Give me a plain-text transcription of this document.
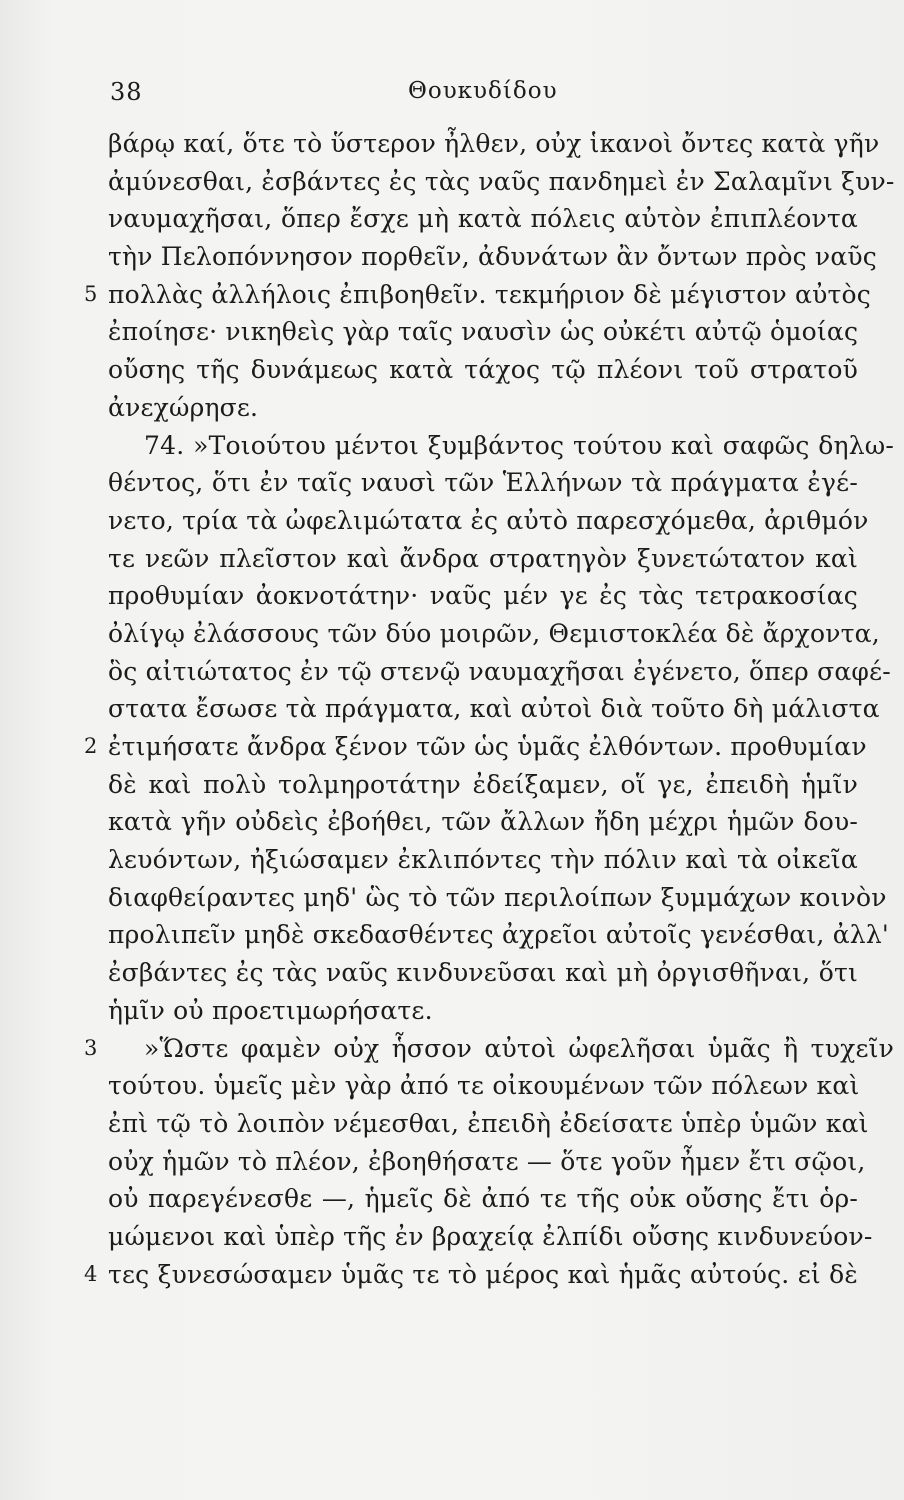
38	Θουκυδίδου
βάρῳ καί, ὅτε τὸ ὕστερον ἦλθεν, οὐχ ἱκανοὶ ὄντες κατὰ γῆν
ἀμύνεσθαι, ἐσβάντες ἐς τὰς ναῦς πανδημεὶ ἐν Σαλαμῖνι ξυν-
ναυμαχῆσαι, ὅπερ ἔσχε μὴ κατὰ πόλεις αὐτὸν ἐπιπλέοντα
τὴν Πελοπόννησον πορθεῖν, ἀδυνάτων ἂν ὄντων πρὸς ναῦς
5 πολλὰς ἀλλήλοις ἐπιβοηθεῖν. τεκμήριον δὲ μέγιστον αὐτὸς
ἐποίησε· νικηθεὶς γὰρ ταῖς ναυσὶν ὡς οὐκέτι αὐτῷ ὁμοίας
οὔσης τῆς δυνάμεως κατὰ τάχος τῷ πλέονι τοῦ στρατοῦ
ἀνεχώρησε.
74. »Τοιούτου μέντοι ξυμβάντος τούτου καὶ σαφῶς δηλω-
θέντος, ὅτι ἐν ταῖς ναυσὶ τῶν Ἑλλήνων τὰ πράγματα ἐγέ-
νετο, τρία τὰ ὠφελιμώτατα ἐς αὐτὸ παρεσχόμεθα, ἀριθμόν
τε νεῶν πλεῖστον καὶ ἄνδρα στρατηγὸν ξυνετώτατον καὶ
προθυμίαν ἀοκνοτάτην· ναῦς μέν γε ἐς τὰς τετρακοσίας
ὀλίγῳ ἐλάσσους τῶν δύο μοιρῶν, Θεμιστοκλέα δὲ ἄρχοντα,
ὃς αἰτιώτατος ἐν τῷ στενῷ ναυμαχῆσαι ἐγένετο, ὅπερ σαφέ-
στατα ἔσωσε τὰ πράγματα, καὶ αὐτοὶ διὰ τοῦτο δὴ μάλιστα
2 ἐτιμήσατε ἄνδρα ξένον τῶν ὡς ὑμᾶς ἐλθόντων. προθυμίαν
δὲ καὶ πολὺ τολμηροτάτην ἐδείξαμεν, οἵ γε, ἐπειδὴ ἡμῖν
κατὰ γῆν οὐδεὶς ἐβοήθει, τῶν ἄλλων ἤδη μέχρι ἡμῶν δου-
λευόντων, ἠξιώσαμεν ἐκλιπόντες τὴν πόλιν καὶ τὰ οἰκεῖα
διαφθείραντες μηδ' ὣς τὸ τῶν περιλοίπων ξυμμάχων κοινὸν
προλιπεῖν μηδὲ σκεδασθέντες ἀχρεῖοι αὐτοῖς γενέσθαι, ἀλλ'
ἐσβάντες ἐς τὰς ναῦς κινδυνεῦσαι καὶ μὴ ὀργισθῆναι, ὅτι
ἡμῖν οὐ προετιμωρήσατε.
3	»Ὥστε φαμὲν οὐχ ἧσσον αὐτοὶ ὠφελῆσαι ὑμᾶς ἢ τυχεῖν
τούτου. ὑμεῖς μὲν γὰρ ἀπό τε οἰκουμένων τῶν πόλεων καὶ
ἐπὶ τῷ τὸ λοιπὸν νέμεσθαι, ἐπειδὴ ἐδείσατε ὑπὲρ ὑμῶν καὶ
οὐχ ἡμῶν τὸ πλέον, ἐβοηθήσατε — ὅτε γοῦν ἦμεν ἔτι σῷοι,
οὐ παρεγένεσθε —, ἡμεῖς δὲ ἀπό τε τῆς οὐκ οὔσης ἔτι ὁρ-
μώμενοι καὶ ὑπὲρ τῆς ἐν βραχείᾳ ἐλπίδι οὔσης κινδυνεύον-
4 τες ξυνεσώσαμεν ὑμᾶς τε τὸ μέρος καὶ ἡμᾶς αὐτούς. εἰ δὲ
